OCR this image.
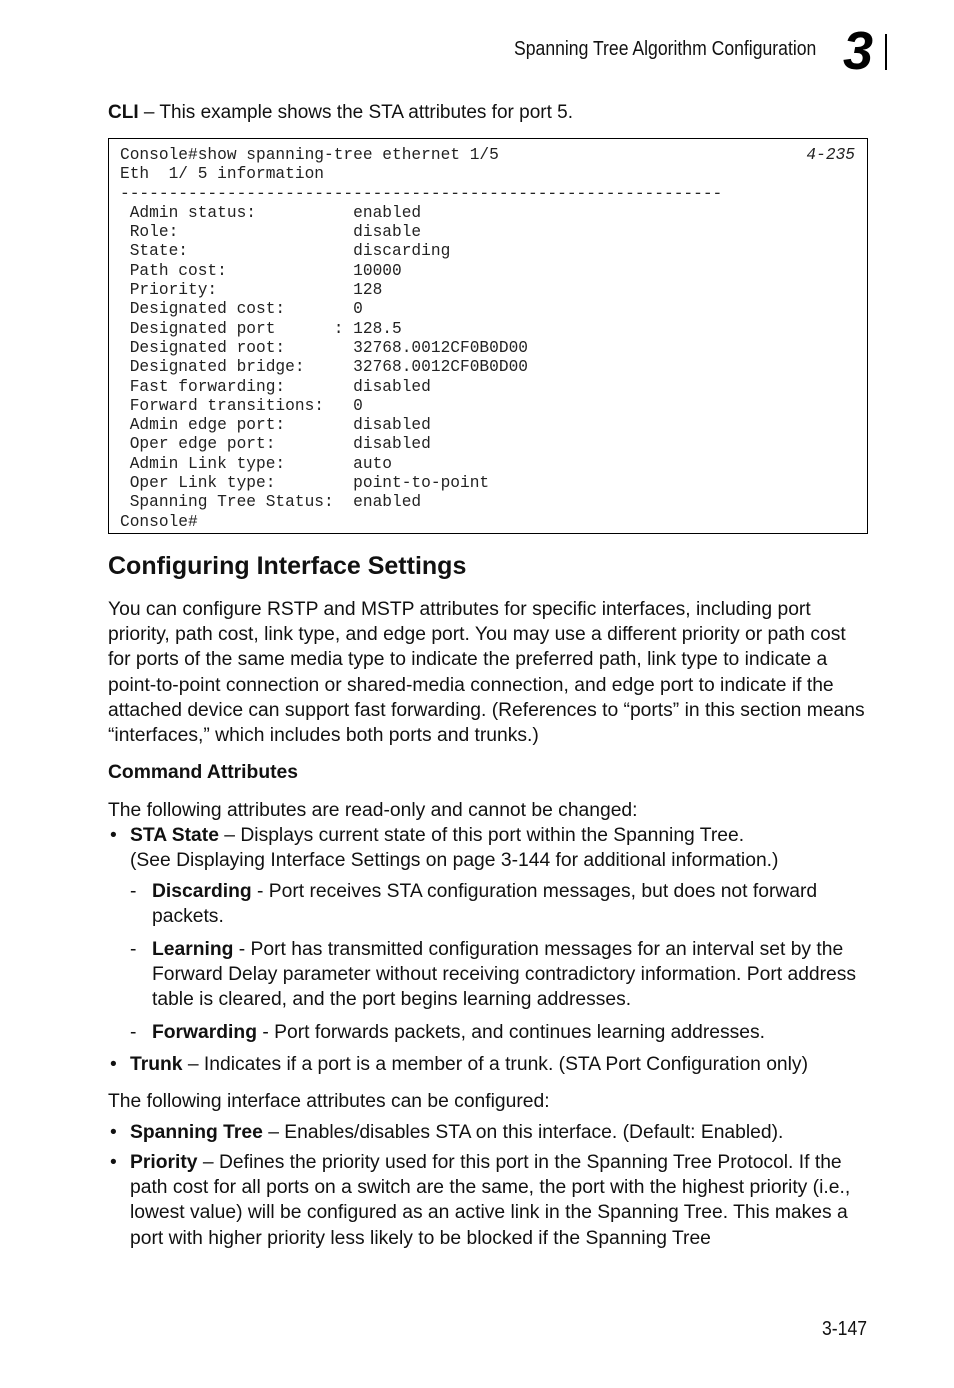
Spanning Tree Algorithm Configuration 3
CLI – This example shows the STA attributes for port 5.
Console#show spanning-tree ethernet 1/5
Eth  1/ 5 information
--------------------------------------------------------------
Admin status:          enabled
Role:                  disable
State:                 discarding
Path cost:             10000
Priority:              128
Designated cost:       0
Designated port      : 128.5
Designated root:       32768.0012CF0B0D00
Designated bridge:     32768.0012CF0B0D00
Fast forwarding:       disabled
Forward transitions:   0
Admin edge port:       disabled
Oper edge port:        disabled
Admin Link type:       auto
Oper Link type:        point-to-point
Spanning Tree Status:  enabled
Console#
4-235
Configuring Interface Settings

You can configure RSTP and MSTP attributes for specific interfaces, including port priority, path cost, link type, and edge port. You may use a different priority or path cost for ports of the same media type to indicate the preferred path, link type to indicate a point-to-point connection or shared-media connection, and edge port to indicate if the attached device can support fast forwarding. (References to “ports” in this section means “interfaces,” which includes both ports and trunks.)

Command Attributes

The following attributes are read-only and cannot be changed:

• STA State – Displays current state of this port within the Spanning Tree.
(See Displaying Interface Settings on page 3-144 for additional information.)

- Discarding - Port receives STA configuration messages, but does not forward packets.

- Learning - Port has transmitted configuration messages for an interval set by the Forward Delay parameter without receiving contradictory information. Port address table is cleared, and the port begins learning addresses.

- Forwarding - Port forwards packets, and continues learning addresses.

• Trunk – Indicates if a port is a member of a trunk. (STA Port Configuration only)

The following interface attributes can be configured:

• Spanning Tree – Enables/disables STA on this interface. (Default: Enabled).

• Priority – Defines the priority used for this port in the Spanning Tree Protocol. If the path cost for all ports on a switch are the same, the port with the highest priority (i.e., lowest value) will be configured as an active link in the Spanning Tree. This makes a port with higher priority less likely to be blocked if the Spanning Tree

3-147
